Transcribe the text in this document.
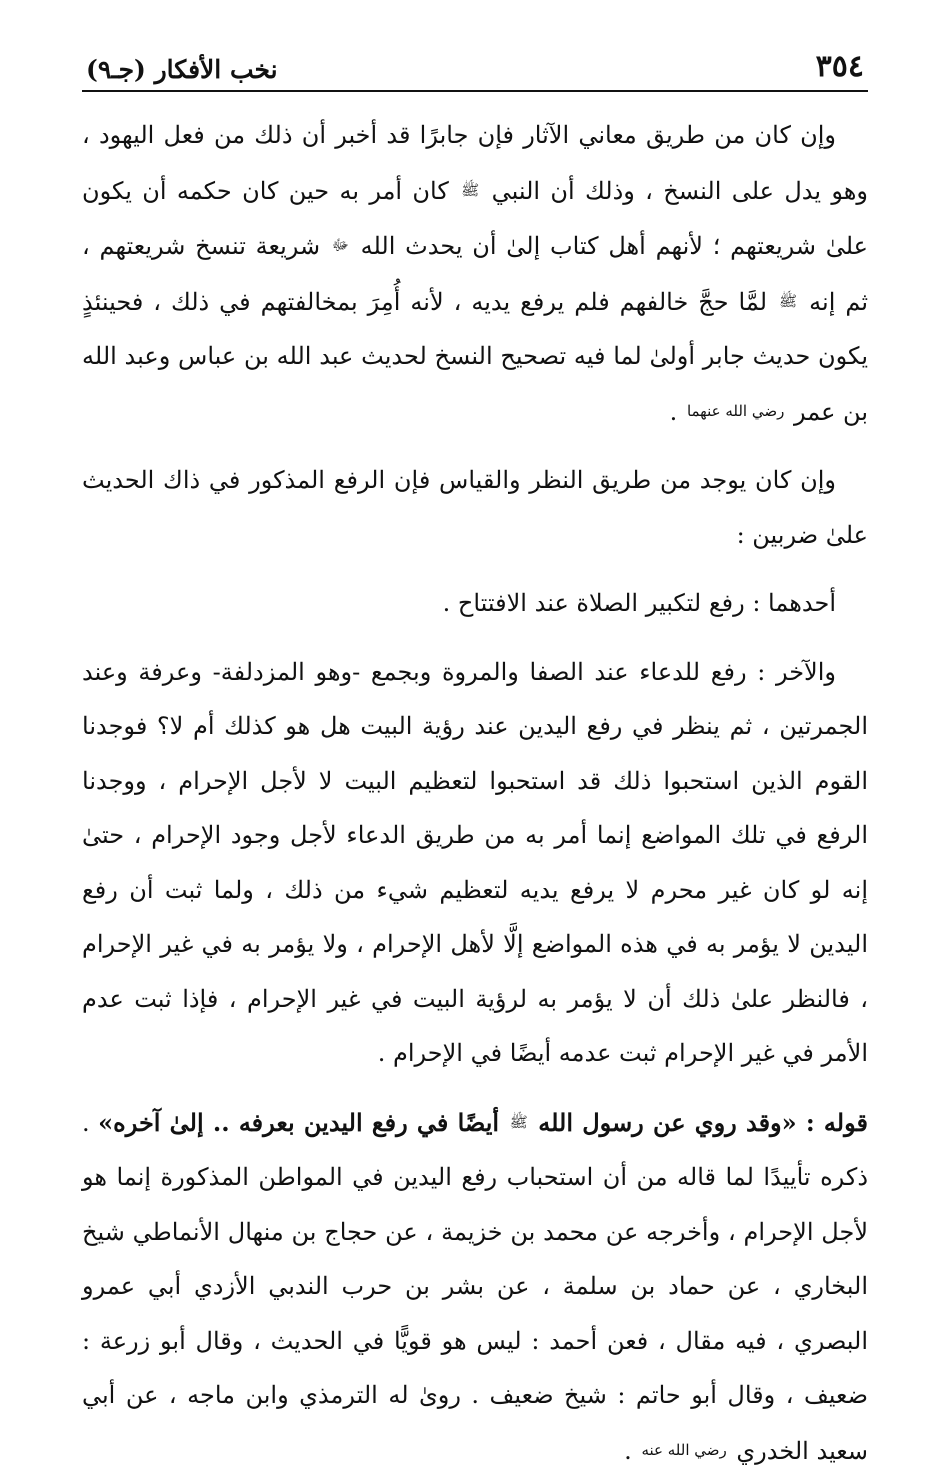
٣٥٤
نخب الأفكار (جـ٩)

وإن كان من طريق معاني الآثار فإن جابرًا قد أخبر أن ذلك من فعل اليهود ، وهو يدل على النسخ ، وذلك أن النبي ﷺ كان أمر به حين كان حكمه أن يكون علىٰ شريعتهم ؛ لأنهم أهل كتاب إلىٰ أن يحدث الله ﷻ شريعة تنسخ شريعتهم ، ثم إنه ﷺ لمَّا حجَّ خالفهم فلم يرفع يديه ، لأنه أُمِرَ بمخالفتهم في ذلك ، فحينئذٍ يكون حديث جابر أولىٰ لما فيه تصحيح النسخ لحديث عبد الله بن عباس وعبد الله بن عمر رضي الله عنهما .

وإن كان يوجد من طريق النظر والقياس فإن الرفع المذكور في ذاك الحديث علىٰ ضربين :

أحدهما : رفع لتكبير الصلاة عند الافتتاح .

والآخر : رفع للدعاء عند الصفا والمروة وبجمع -وهو المزدلفة- وعرفة وعند الجمرتين ، ثم ينظر في رفع اليدين عند رؤية البيت هل هو كذلك أم لا؟ فوجدنا القوم الذين استحبوا ذلك قد استحبوا لتعظيم البيت لا لأجل الإحرام ، ووجدنا الرفع في تلك المواضع إنما أمر به من طريق الدعاء لأجل وجود الإحرام ، حتىٰ إنه لو كان غير محرم لا يرفع يديه لتعظيم شيء من ذلك ، ولما ثبت أن رفع اليدين لا يؤمر به في هذه المواضع إلَّا لأهل الإحرام ، ولا يؤمر به في غير الإحرام ، فالنظر علىٰ ذلك أن لا يؤمر به لرؤية البيت في غير الإحرام ، فإذا ثبت عدم الأمر في غير الإحرام ثبت عدمه أيضًا في الإحرام .

قوله : «وقد روي عن رسول الله ﷺ أيضًا في رفع اليدين بعرفه .. إلىٰ آخره» . ذكره تأييدًا لما قاله من أن استحباب رفع اليدين في المواطن المذكورة إنما هو لأجل الإحرام ، وأخرجه عن محمد بن خزيمة ، عن حجاج بن منهال الأنماطي شيخ البخاري ، عن حماد بن سلمة ، عن بشر بن حرب الندبي الأزدي أبي عمرو البصري ، فيه مقال ، فعن أحمد : ليس هو قويًّا في الحديث ، وقال أبو زرعة : ضعيف ، وقال أبو حاتم : شيخ ضعيف . روىٰ له الترمذي وابن ماجه ، عن أبي سعيد الخدري رضي الله عنه .
